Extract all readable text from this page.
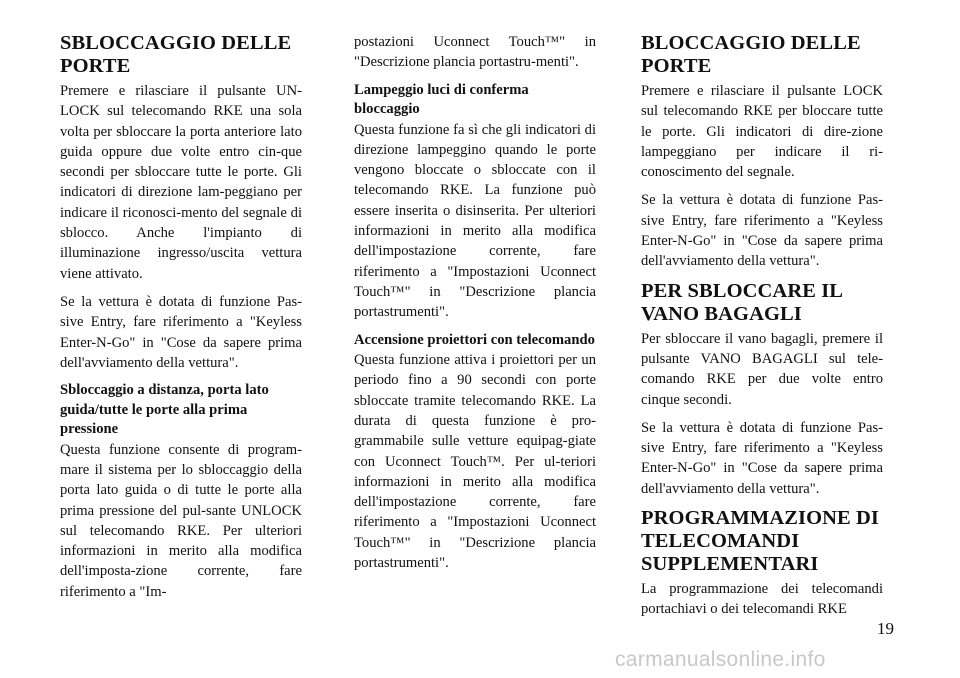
SBLOCCAGGIO DELLE PORTE

Premere e rilasciare il pulsante UN-LOCK sul telecomando RKE una sola volta per sbloccare la porta anteriore lato guida oppure due volte entro cin-que secondi per sbloccare tutte le porte. Gli indicatori di direzione lam-peggiano per indicare il riconosci-mento del segnale di sblocco. Anche l'impianto di illuminazione ingresso/uscita vettura viene attivato.

Se la vettura è dotata di funzione Pas-sive Entry, fare riferimento a "Keyless Enter-N-Go" in "Cose da sapere prima dell'avviamento della vettura".

Sbloccaggio a distanza, porta lato guida/tutte le porte alla prima pressione

Questa funzione consente di program-mare il sistema per lo sbloccaggio della porta lato guida o di tutte le porte alla prima pressione del pul-sante UNLOCK sul telecomando RKE. Per ulteriori informazioni in merito alla modifica dell'imposta-zione corrente, fare riferimento a "Im-

postazioni Uconnect Touch™" in "Descrizione plancia portastru-menti".

Lampeggio luci di conferma bloccaggio

Questa funzione fa sì che gli indicatori di direzione lampeggino quando le porte vengono bloccate o sbloccate con il telecomando RKE. La funzione può essere inserita o disinserita. Per ulteriori informazioni in merito alla modifica dell'impostazione corrente, fare riferimento a "Impostazioni Uconnect Touch™" in "Descrizione plancia portastrumenti".

Accensione proiettori con telecomando

Questa funzione attiva i proiettori per un periodo fino a 90 secondi con porte sbloccate tramite telecomando RKE. La durata di questa funzione è pro-grammabile sulle vetture equipag-giate con Uconnect Touch™. Per ul-teriori informazioni in merito alla modifica dell'impostazione corrente, fare riferimento a "Impostazioni Uconnect Touch™" in "Descrizione plancia portastrumenti".

BLOCCAGGIO DELLE PORTE

Premere e rilasciare il pulsante LOCK sul telecomando RKE per bloccare tutte le porte. Gli indicatori di dire-zione lampeggiano per indicare il ri-conoscimento del segnale.

Se la vettura è dotata di funzione Pas-sive Entry, fare riferimento a "Keyless Enter-N-Go" in "Cose da sapere prima dell'avviamento della vettura".

PER SBLOCCARE IL VANO BAGAGLI

Per sbloccare il vano bagagli, premere il pulsante VANO BAGAGLI sul tele-comando RKE per due volte entro cinque secondi.

Se la vettura è dotata di funzione Pas-sive Entry, fare riferimento a "Keyless Enter-N-Go" in "Cose da sapere prima dell'avviamento della vettura".

PROGRAMMAZIONE DI TELECOMANDI SUPPLEMENTARI

La programmazione dei telecomandi portachiavi o dei telecomandi RKE

19
carmanualsonline.info
